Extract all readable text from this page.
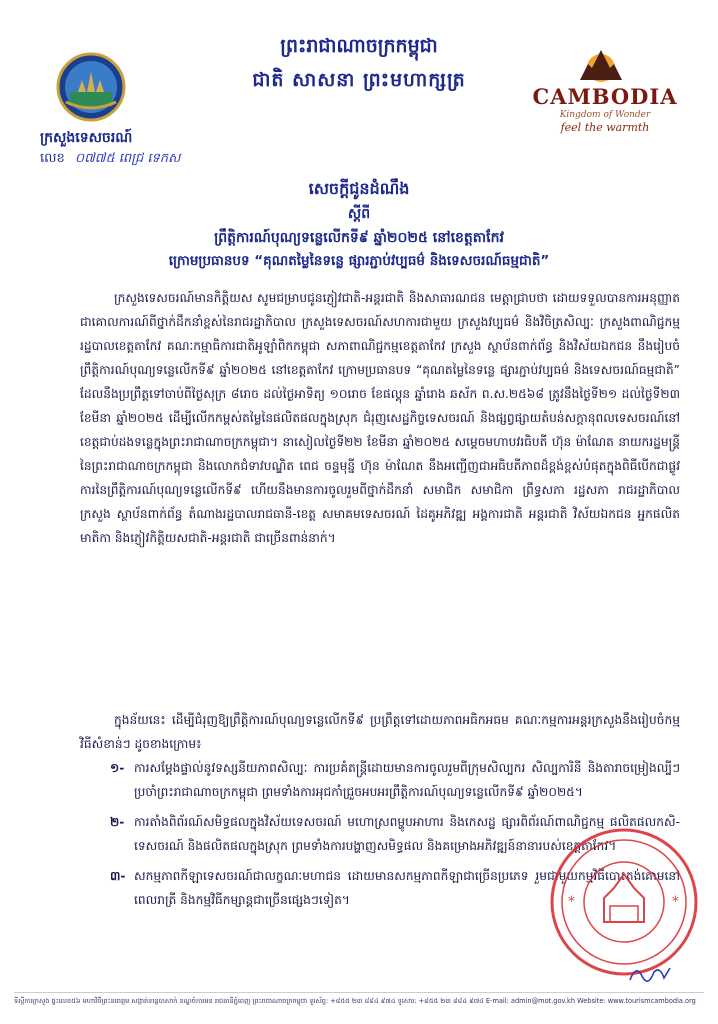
ព្រះរាជាណាចក្រកម្ពុជា
ជាតិ សាសនា ព្រះមហាក្សត្រ
ក្រសួងទេសចរណ៍
លេខ ០៧៧៥ ពេជ្រ ទេកស
CAMBODIA
Kingdom of Wonder
feel the warmth
សេចក្តីជូនដំណឹង
ស្តីពី
ព្រឹត្តិការណ៍បុណ្យទន្លេលើកទី៩ ឆ្នាំ២០២៥ នៅខេត្តតាកែវ
ក្រោមប្រធានបទ “គុណតម្លៃនៃទន្លេ ផ្សារភ្ជាប់វប្បធម៌ និងទេសចរណ៍ធម្មជាតិ”
ក្រសួងទេសចរណ៍មានកិត្តិយស សូមជម្រាបជូនភ្ញៀវជាតិ-អន្តរជាតិ និងសាធារណជន មេត្តាជ្រាបថា ដោយទទួលបានការអនុញ្ញាតជាគោលការណ៍ពីថ្នាក់ដឹកនាំខ្ពស់នៃរាជរដ្ឋាភិបាល ក្រសួងទេសចរណ៍សហការជាមួយ ក្រសួងវប្បធម៌ និងវិចិត្រសិល្បៈ ក្រសួងពាណិជ្ជកម្ម រដ្ឋបាលខេត្តតាកែវ គណៈកម្មាធិការជាតិអូឡាំពិកកម្ពុជា សភាពាណិជ្ជកម្មខេត្តតាកែវ ក្រសួង ស្ថាប័នពាក់ព័ន្ធ និងវិស័យឯកជន នឹងរៀបចំព្រឹត្តិការណ៍បុណ្យទន្លេលើកទី៩ ឆ្នាំ២០២៥ នៅខេត្តតាកែវ ក្រោមប្រធានបទ “គុណតម្លៃនៃទន្លេ ផ្សារភ្ជាប់វប្បធម៌ និងទេសចរណ៍ធម្មជាតិ” ដែលនឹងប្រព្រឹត្តទៅចាប់ពីថ្ងៃសុក្រ ៨រោច ដល់ថ្ងៃអាទិត្យ ១០រោច ខែផល្គុន ឆ្នាំរោង ឆស័ក ព.ស.២៥៦៨ ត្រូវនឹងថ្ងៃទី២១ ដល់ថ្ងៃទី២៣ ខែមីនា ឆ្នាំ២០២៥ ដើម្បីលើកកម្ពស់តម្លៃនៃផលិតផលក្នុងស្រុក ជំរុញសេដ្ឋកិច្ចទេសចរណ៍ និងផ្សព្វផ្សាយតំបន់សក្តានុពលទេសចរណ៍នៅខេត្តជាប់ដងទន្លេក្នុងព្រះរាជាណាចក្រកម្ពុជា។ នាសៀលថ្ងៃទី២២ ខែមីនា ឆ្នាំ២០២៥ សម្តេចមហាបវរធិបតី ហ៊ុន ម៉ាណែត នាយករដ្ឋមន្ត្រីនៃព្រះរាជាណាចក្រកម្ពុជា និងលោកជំទាវបណ្ឌិត ពេជ ចន្ទមុន្នី ហ៊ុន ម៉ាណែត នឹងអញ្ជើញជាអធិបតីភាពដ៏ខ្ពង់ខ្ពស់បំផុតក្នុងពិធីបើកជាផ្លូវការនៃព្រឹត្តិការណ៍បុណ្យទន្លេលើកទី៩ ហើយនឹងមានការចូលរួមពីថ្នាក់ដឹកនាំ សមាជិក សមាជិកា ព្រឹទ្ធសភា រដ្ឋសភា រាជរដ្ឋាភិបាល ក្រសួង ស្ថាប័នពាក់ព័ន្ធ តំណាងរដ្ឋបាលរាជធានី-ខេត្ត សមាគមទេសចរណ៍ ដៃគូអភិវឌ្ឍ អង្គការជាតិ អន្តរជាតិ វិស័យឯកជន អ្នកផលិតមាតិកា និងភ្ញៀវកិត្តិយសជាតិ-អន្តរជាតិ ជាច្រើនពាន់នាក់។
ក្នុងន័យនេះ ដើម្បីជំរុញឱ្យព្រឹត្តិការណ៍បុណ្យទន្លេលើកទី៩ ប្រព្រឹត្តទៅដោយភាពអធិកអធម គណៈកម្មការអន្តរក្រសួងនឹងរៀបចំកម្មវិធីសំខាន់ៗ ដូចខាងក្រោម៖
១- ការសម្តែងផ្ទាល់នូវទស្សនីយភាពសិល្បៈ ការប្រគំតន្ត្រីដោយមានការចូលរួមពីក្រុមសិល្បករ សិល្បការិនី និងតារាចម្រៀងល្បីៗប្រចាំព្រះរាជាណាចក្រកម្ពុជា ព្រមទាំងការអុជកាំជ្រួចអបអរព្រឹត្តិការណ៍បុណ្យទន្លេលើកទី៩ ឆ្នាំ២០២៥។
២- ការតាំងពិព័រណ៍សមិទ្ធផលក្នុងវិស័យទេសចរណ៍ មហោស្រពម្ហូបអាហារ និងកេសដ្ឋ ផ្សារពិព័រណ៍ពាណិជ្ជកម្ម ផលិតផលកសិ-ទេសចរណ៍ និងផលិតផលក្នុងស្រុក ព្រមទាំងការបង្ហាញសមិទ្ធផល និងគម្រោងអភិវឌ្ឍន៍នានារបស់ខេត្តតាកែវ។
៣- សកម្មភាពកីឡាទេសចរណ៍ជាលក្ខណៈមហាជន ដោយមានសកម្មភាពកីឡាជាច្រើនប្រភេទ រួមជាមួយកម្មវិធីបោះតង់គោមនៅពេលរាត្រី និងកម្មវិធីកម្សាន្តជាច្រើនផ្សេងៗទៀត។	*	*
ទីស្តីការក្រសួង ផ្ទះលេខ៥៦ មហាវិថីព្រះនរោត្តម សង្កាត់ទន្លេបាសាក់ ខណ្ឌចំការមន រាជធានីភ្នំពេញ ព្រះរាជាណាចក្រកម្ពុជា ទូរស័ព្ទ: +៨៥៥ ២៣ ៨៨៤ ៩៧៤ ទូរសារ: +៨៥៥ ២៣ ៨៨៤ ៩៧៤ E-mail: admin@mot.gov.kh Website: www.tourismcambodia.org
